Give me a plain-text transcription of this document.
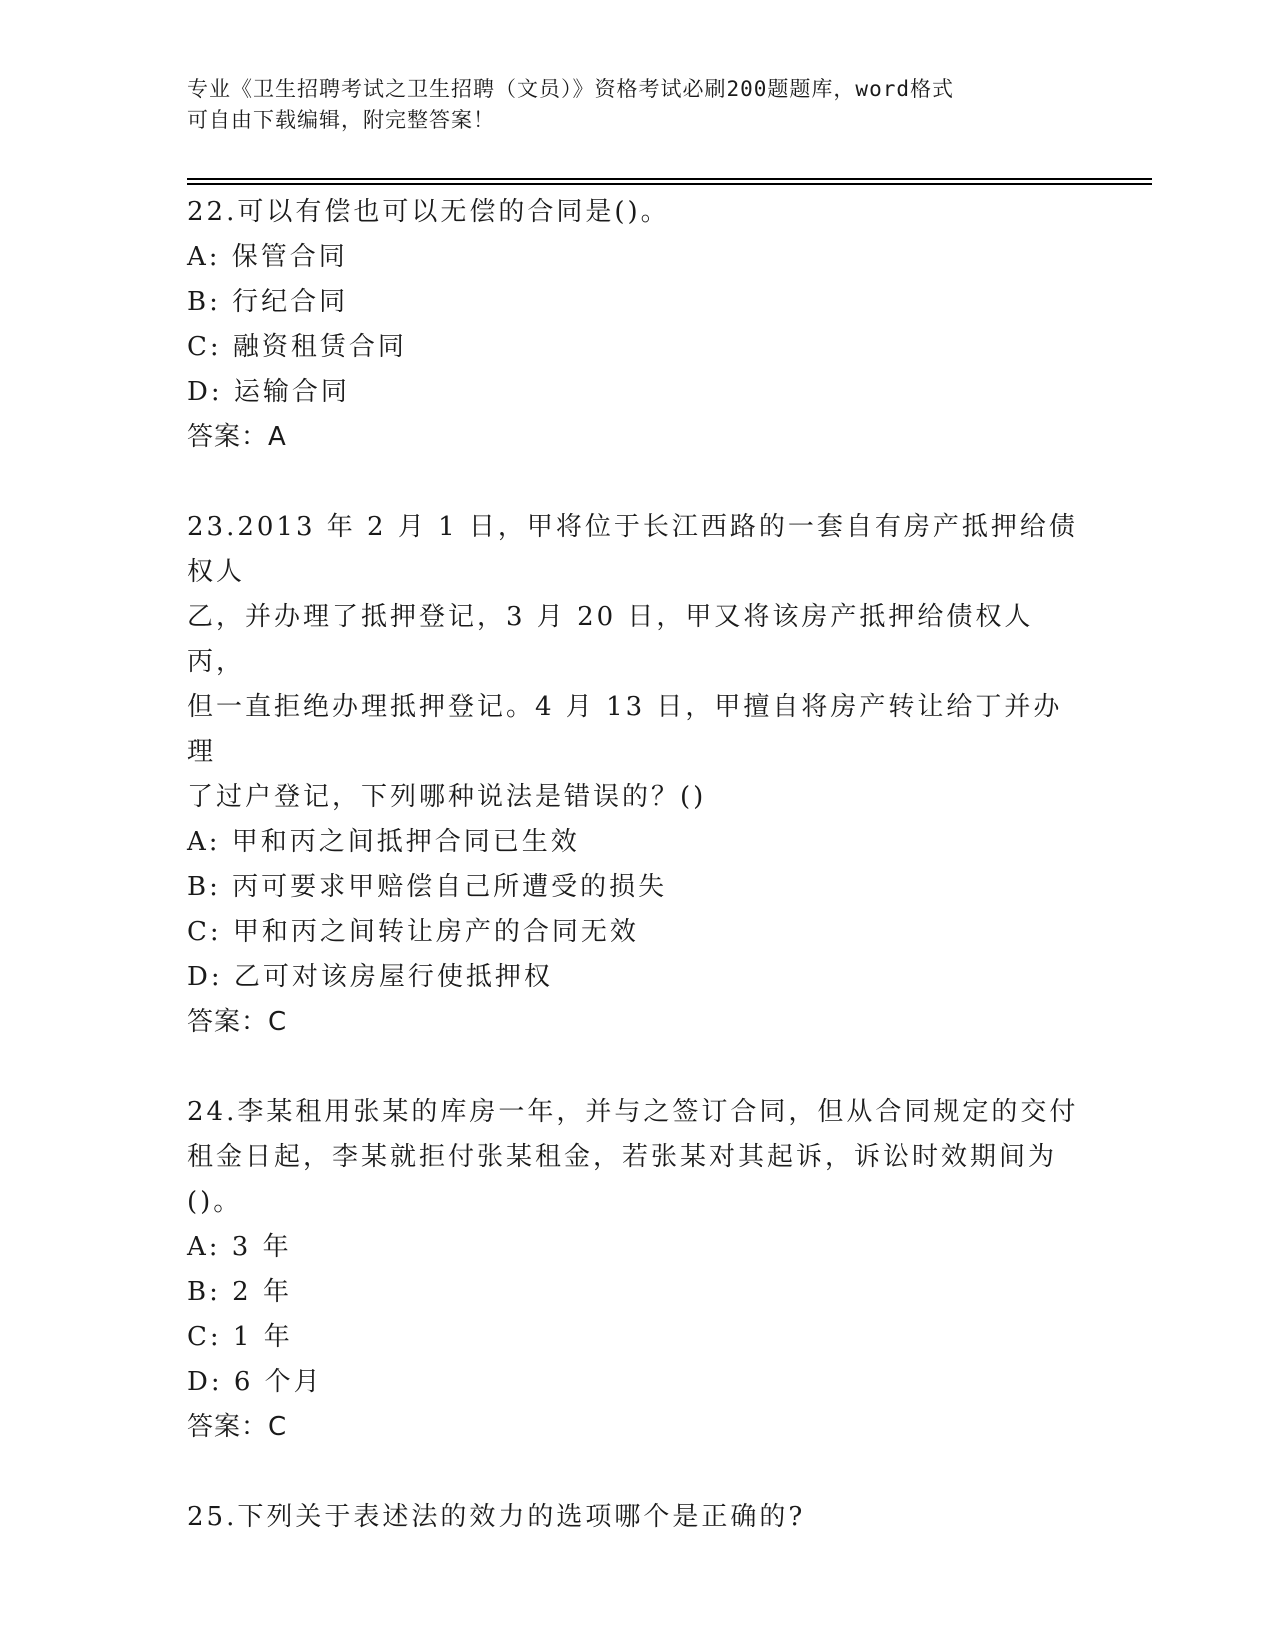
专业《卫生招聘考试之卫生招聘（文员）》资格考试必刷200题题库，word格式
可自由下载编辑，附完整答案！
22.可以有偿也可以无偿的合同是()。
A: 保管合同
B: 行纪合同
C: 融资租赁合同
D: 运输合同
答案：A
23.2013 年 2 月 1 日，甲将位于长江西路的一套自有房产抵押给债权人
乙，并办理了抵押登记，3 月 20 日，甲又将该房产抵押给债权人丙，
但一直拒绝办理抵押登记。4 月 13 日，甲擅自将房产转让给丁并办理
了过户登记，下列哪种说法是错误的？()
A: 甲和丙之间抵押合同已生效
B: 丙可要求甲赔偿自己所遭受的损失
C: 甲和丙之间转让房产的合同无效
D: 乙可对该房屋行使抵押权
答案：C
24.李某租用张某的库房一年，并与之签订合同，但从合同规定的交付
租金日起，李某就拒付张某租金，若张某对其起诉，诉讼时效期间为
()。
A: 3 年
B: 2 年
C: 1 年
D: 6 个月
答案：C
25.下列关于表述法的效力的选项哪个是正确的?
